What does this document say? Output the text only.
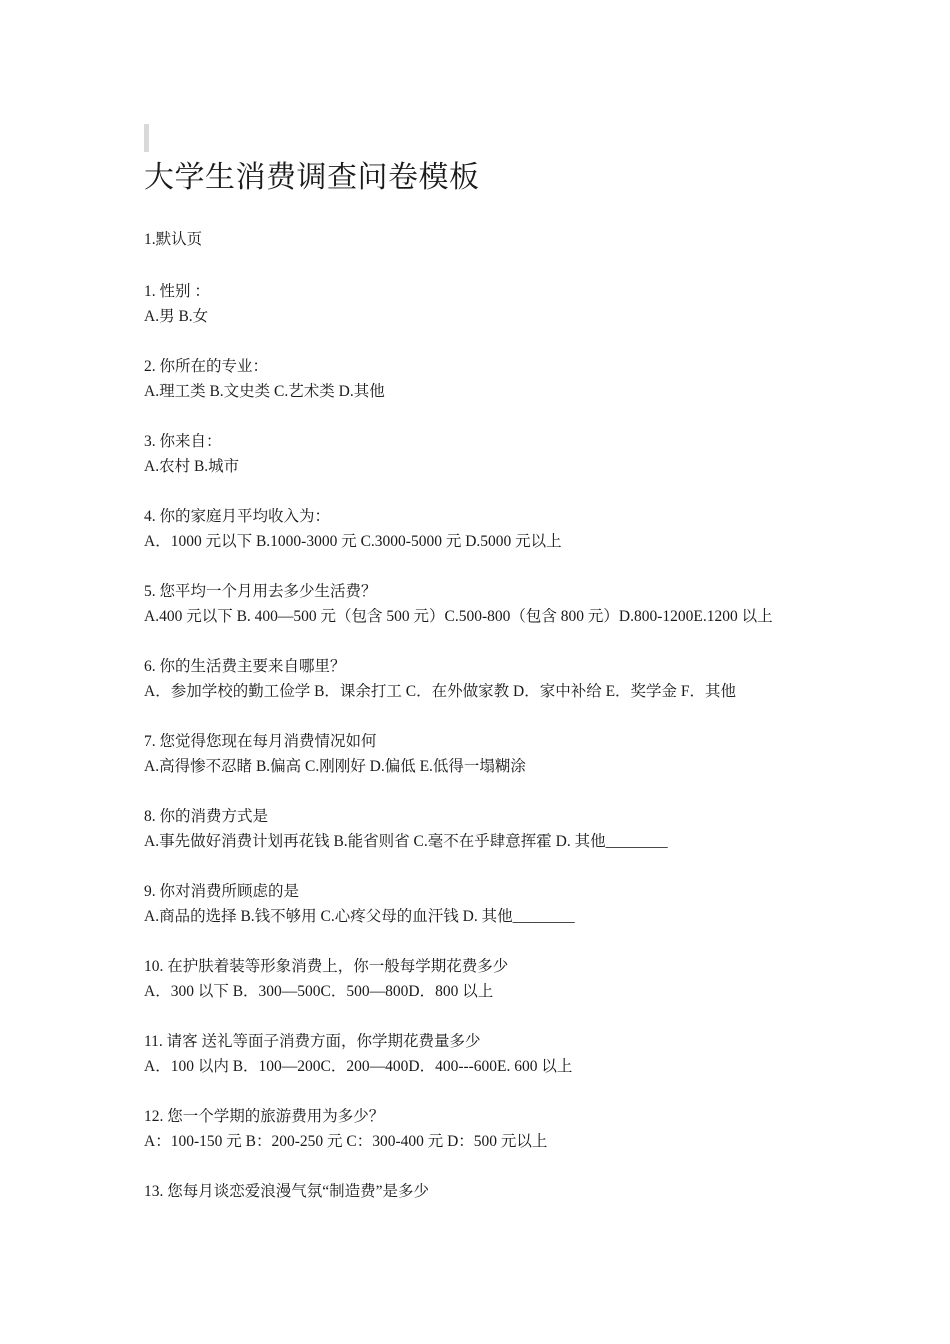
大学生消费调查问卷模板
1.默认页
1. 性别 ：
A.男 B.女
2. 你所在的专业：
A.理工类 B.文史类 C.艺术类 D.其他
3. 你来自：
A.农村 B.城市
4. 你的家庭月平均收入为：
A．1000 元以下 B.1000-3000 元 C.3000-5000 元 D.5000 元以上
5. 您平均一个月用去多少生活费？
A.400 元以下 B. 400—500 元（包含 500 元）C.500-800（包含 800 元）D.800-1200E.1200 以上
6. 你的生活费主要来自哪里？
A．参加学校的勤工俭学 B．课余打工 C．在外做家教 D．家中补给 E．奖学金 F．其他
7. 您觉得您现在每月消费情况如何
A.高得惨不忍睹 B.偏高 C.刚刚好 D.偏低 E.低得一塌糊涂
8. 你的消费方式是
A.事先做好消费计划再花钱 B.能省则省 C.毫不在乎肆意挥霍 D. 其他________
9. 你对消费所顾虑的是
A.商品的选择 B.钱不够用 C.心疼父母的血汗钱 D. 其他________
10. 在护肤着装等形象消费上，你一般每学期花费多少
A．300 以下 B．300—500C．500—800D．800 以上
11. 请客 送礼等面子消费方面，你学期花费量多少
A．100 以内 B．100—200C．200—400D．400---600E. 600 以上
12. 您一个学期的旅游费用为多少？
A：100-150 元 B：200-250 元 C：300-400 元 D：500 元以上
13. 您每月谈恋爱浪漫气氛“制造费”是多少
